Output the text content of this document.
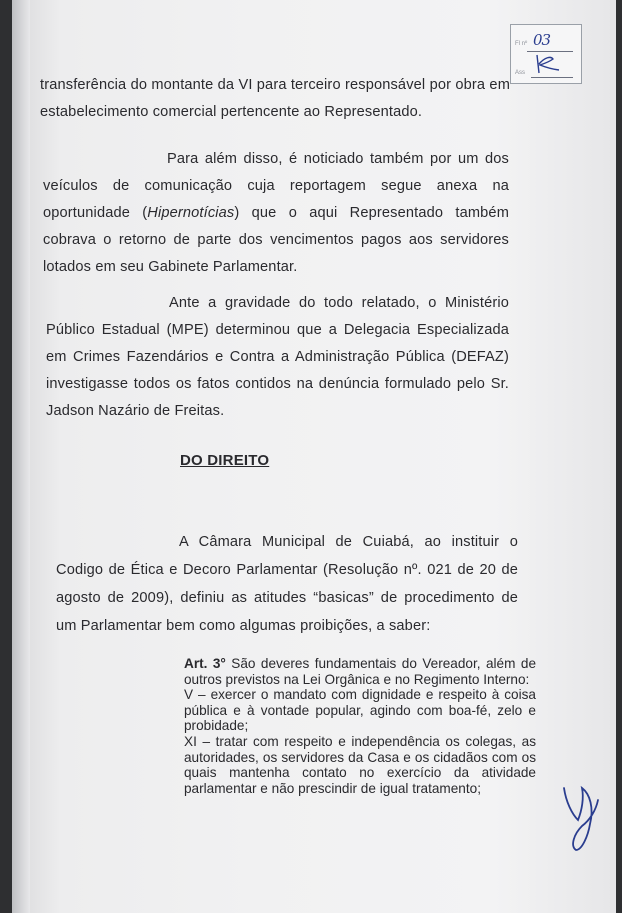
Fl nº 03
Ass

transferência do montante da VI para terceiro responsável por obra em estabelecimento comercial pertencente ao Representado.

Para além disso, é noticiado também por um dos veículos de comunicação cuja reportagem segue anexa na oportunidade (Hipernotícias) que o aqui Representado também cobrava o retorno de parte dos vencimentos pagos aos servidores lotados em seu Gabinete Parlamentar.

Ante a gravidade do todo relatado, o Ministério Público Estadual (MPE) determinou que a Delegacia Especializada em Crimes Fazendários e Contra a Administração Pública (DEFAZ) investigasse todos os fatos contidos na denúncia formulado pelo Sr. Jadson Nazário de Freitas.

DO DIREITO

A Câmara Municipal de Cuiabá, ao instituir o Codigo de Ética e Decoro Parlamentar (Resolução nº. 021 de 20 de agosto de 2009), definiu as atitudes “basicas” de procedimento de um Parlamentar bem como algumas proibições, a saber:

Art. 3° São deveres fundamentais do Vereador, além de outros previstos na Lei Orgânica e no Regimento Interno:
V – exercer o mandato com dignidade e respeito à coisa pública e à vontade popular, agindo com boa-fé, zelo e probidade;
XI – tratar com respeito e independência os colegas, as autoridades, os servidores da Casa e os cidadãos com os quais mantenha contato no exercício da atividade parlamentar e não prescindir de igual tratamento;
